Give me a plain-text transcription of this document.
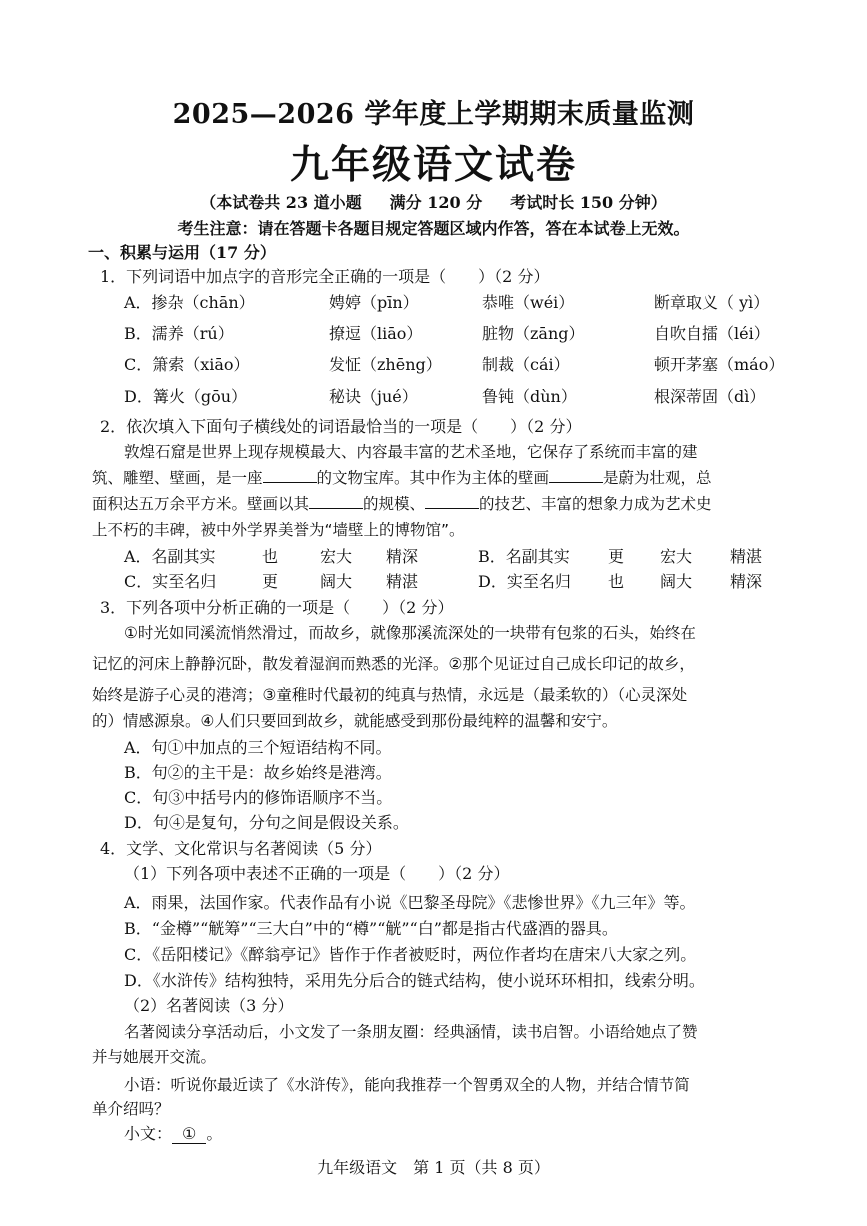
2025—2026 学年度上学期期末质量监测
九年级语文试卷
（本试卷共 23 道小题 满分 120 分 考试时长 150 分钟）
考生注意：请在答题卡各题目规定答题区域内作答，答在本试卷上无效。
一、积累与运用（17 分）
1．下列词语中加点字的音形完全正确的一项是（　　）（2 分）
A．掺杂（chān）	娉婷（pīn）	恭唯（wéi）	断章取义（ yì）
B．濡养（rú）	撩逗（liāo）	脏物（zāng）	自吹自擂（léi）
C．箫索（xiāo）	发怔（zhēng）	制裁（cái）	顿开茅塞（máo）
D．篝火（gōu）	秘诀（jué）	鲁钝（dùn）	根深蒂固（dì）
2．依次填入下面句子横线处的词语最恰当的一项是（　　）（2 分）
敦煌石窟是世界上现存规模最大、内容最丰富的艺术圣地，它保存了系统而丰富的建
筑、雕塑、壁画，是一座	的文物宝库。其中作为主体的壁画	是蔚为壮观，总
面积达五万余平方米。壁画以其	的规模、	的技艺、丰富的想象力成为艺术史
上不朽的丰碑，被中外学界美誉为“墙壁上的博物馆”。
A．名副其实	也	宏大 精深	B．名副其实 更 宏大 精湛
C．实至名归	更	阔大 精湛	D．实至名归 也 阔大 精深
3．下列各项中分析正确的一项是（　　）（2 分）
①时光如同溪流悄然滑过，而故乡，就像那溪流深处的一块带有包浆的石头，始终在
记忆的河床上静静沉卧，散发着湿润而熟悉的光泽。②那个见证过自己成长印记的故乡，
始终是游子心灵的港湾；③童稚时代最初的纯真与热情，永远是（最柔软的）（心灵深处
的）情感源泉。④人们只要回到故乡，就能感受到那份最纯粹的温馨和安宁。
A．句①中加点的三个短语结构不同。
B．句②的主干是：故乡始终是港湾。
C．句③中括号内的修饰语顺序不当。
D．句④是复句，分句之间是假设关系。
4．文学、文化常识与名著阅读（5 分）
（1）下列各项中表述不正确的一项是（　　）（2 分）
A．雨果，法国作家。代表作品有小说《巴黎圣母院》《悲惨世界》《九三年》等。
B．“金樽”“觥筹”“三大白”中的“樽”“觥”“白”都是指古代盛酒的器具。
C．《岳阳楼记》《醉翁亭记》皆作于作者被贬时，两位作者均在唐宋八大家之列。
D．《水浒传》结构独特，采用先分后合的链式结构，使小说环环相扣，线索分明。
（2）名著阅读（3 分）
名著阅读分享活动后，小文发了一条朋友圈：经典涵情，读书启智。小语给她点了赞
并与她展开交流。
小语：听说你最近读了《水浒传》，能向我推荐一个智勇双全的人物，并结合情节简
单介绍吗？
小文： ① 。
九年级语文　第 1 页（共 8 页）
